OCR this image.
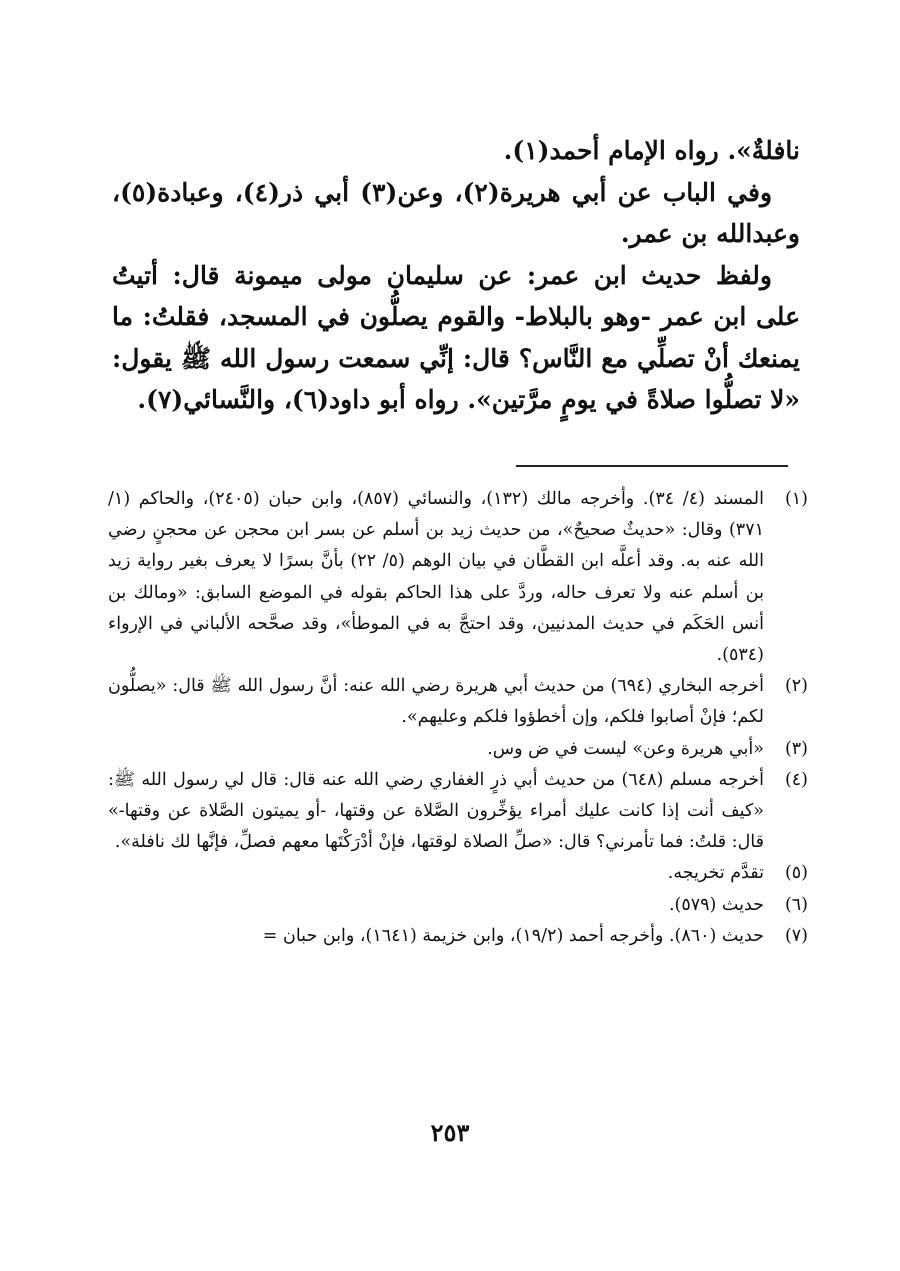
نافلةٌ». رواه الإمام أحمد(١).

وفي الباب عن أبي هريرة(٢)، وعن(٣) أبي ذر(٤)، وعبادة(٥)، وعبدالله بن عمر.

ولفظ حديث ابن عمر: عن سليمان مولى ميمونة قال: أتيتُ على ابن عمر -وهو بالبلاط- والقوم يصلُّون في المسجد، فقلتُ: ما يمنعك أنْ تصلِّي مع النَّاس؟ قال: إنِّي سمعت رسول الله ﷺ يقول: «لا تصلُّوا صلاةً في يومٍ مرَّتين». رواه أبو داود(٦)، والنَّسائي(٧).

(١)
المسند (٤/ ٣٤). وأخرجه مالك (١٣٢)، والنسائي (٨٥٧)، وابن حبان (٢٤٠٥)، والحاكم (١/ ٣٧١) وقال: «حديثٌ صحيحٌ»، من حديث زيد بن أسلم عن بسر ابن محجن عن محجنٍ رضي الله عنه به. وقد أعلَّه ابن القطَّان في بيان الوهم (٥/ ٢٢) بأنَّ بسرًا لا يعرف بغير رواية زيد بن أسلم عنه ولا تعرف حاله، وردَّ على هذا الحاكم بقوله في الموضع السابق: «ومالك بن أنس الحَكَم في حديث المدنيين، وقد احتجَّ به في الموطأ»، وقد صحَّحه الألباني في الإرواء (٥٣٤).
(٢)
أخرجه البخاري (٦٩٤) من حديث أبي هريرة رضي الله عنه: أنَّ رسول الله ﷺ قال: «يصلُّون لكم؛ فإنْ أصابوا فلكم، وإن أخطؤوا فلكم وعليهم».
(٣)
«أبي هريرة وعن» ليست في ض وس.
(٤)
أخرجه مسلم (٦٤٨) من حديث أبي ذرٍ الغفاري رضي الله عنه قال: قال لي رسول الله ﷺ: «كيف أنت إذا كانت عليك أمراء يؤخِّرون الصَّلاة عن وقتها، -أو يميتون الصَّلاة عن وقتها-» قال: قلتُ: فما تأمرني؟ قال: «صلِّ الصلاة لوقتها، فإنْ أدْرَكْتَها معهم فصلِّ، فإنَّها لك نافلة».
(٥)
تقدَّم تخريجه.
(٦)
حديث (٥٧٩).
(٧)
حديث (٨٦٠). وأخرجه أحمد (١٩/٢)، وابن خزيمة (١٦٤١)، وابن حبان =
٢٥٣
